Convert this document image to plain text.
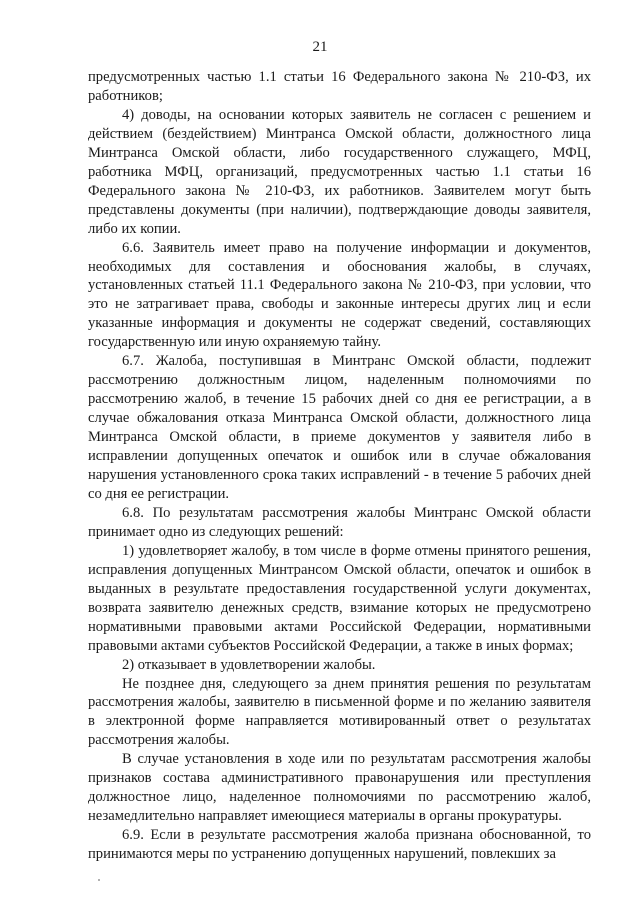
21

предусмотренных частью 1.1 статьи 16 Федерального закона № 210-ФЗ, их работников;

4) доводы, на основании которых заявитель не согласен с решением и действием (бездействием) Минтранса Омской области, должностного лица Минтранса Омской области, либо государственного служащего, МФЦ, работника МФЦ, организаций, предусмотренных частью 1.1 статьи 16 Федерального закона № 210-ФЗ, их работников. Заявителем могут быть представлены документы (при наличии), подтверждающие доводы заявителя, либо их копии.

6.6. Заявитель имеет право на получение информации и документов, необходимых для составления и обоснования жалобы, в случаях, установленных статьей 11.1 Федерального закона № 210-ФЗ, при условии, что это не затрагивает права, свободы и законные интересы других лиц и если указанные информация и документы не содержат сведений, составляющих государственную или иную охраняемую тайну.

6.7. Жалоба, поступившая в Минтранс Омской области, подлежит рассмотрению должностным лицом, наделенным полномочиями по рассмотрению жалоб, в течение 15 рабочих дней со дня ее регистрации, а в случае обжалования отказа Минтранса Омской области, должностного лица Минтранса Омской области, в приеме документов у заявителя либо в исправлении допущенных опечаток и ошибок или в случае обжалования нарушения установленного срока таких исправлений - в течение 5 рабочих дней со дня ее регистрации.

6.8. По результатам рассмотрения жалобы Минтранс Омской области принимает одно из следующих решений:

1) удовлетворяет жалобу, в том числе в форме отмены принятого решения, исправления допущенных Минтрансом Омской области, опечаток и ошибок в выданных в результате предоставления государственной услуги документах, возврата заявителю денежных средств, взимание которых не предусмотрено нормативными правовыми актами Российской Федерации, нормативными правовыми актами субъектов Российской Федерации, а также в иных формах;

2) отказывает в удовлетворении жалобы.

Не позднее дня, следующего за днем принятия решения по результатам рассмотрения жалобы, заявителю в письменной форме и по желанию заявителя в электронной форме направляется мотивированный ответ о результатах рассмотрения жалобы.

В случае установления в ходе или по результатам рассмотрения жалобы признаков состава административного правонарушения или преступления должностное лицо, наделенное полномочиями по рассмотрению жалоб, незамедлительно направляет имеющиеся материалы в органы прокуратуры.

6.9. Если в результате рассмотрения жалоба признана обоснованной, то принимаются меры по устранению допущенных нарушений, повлекших за
